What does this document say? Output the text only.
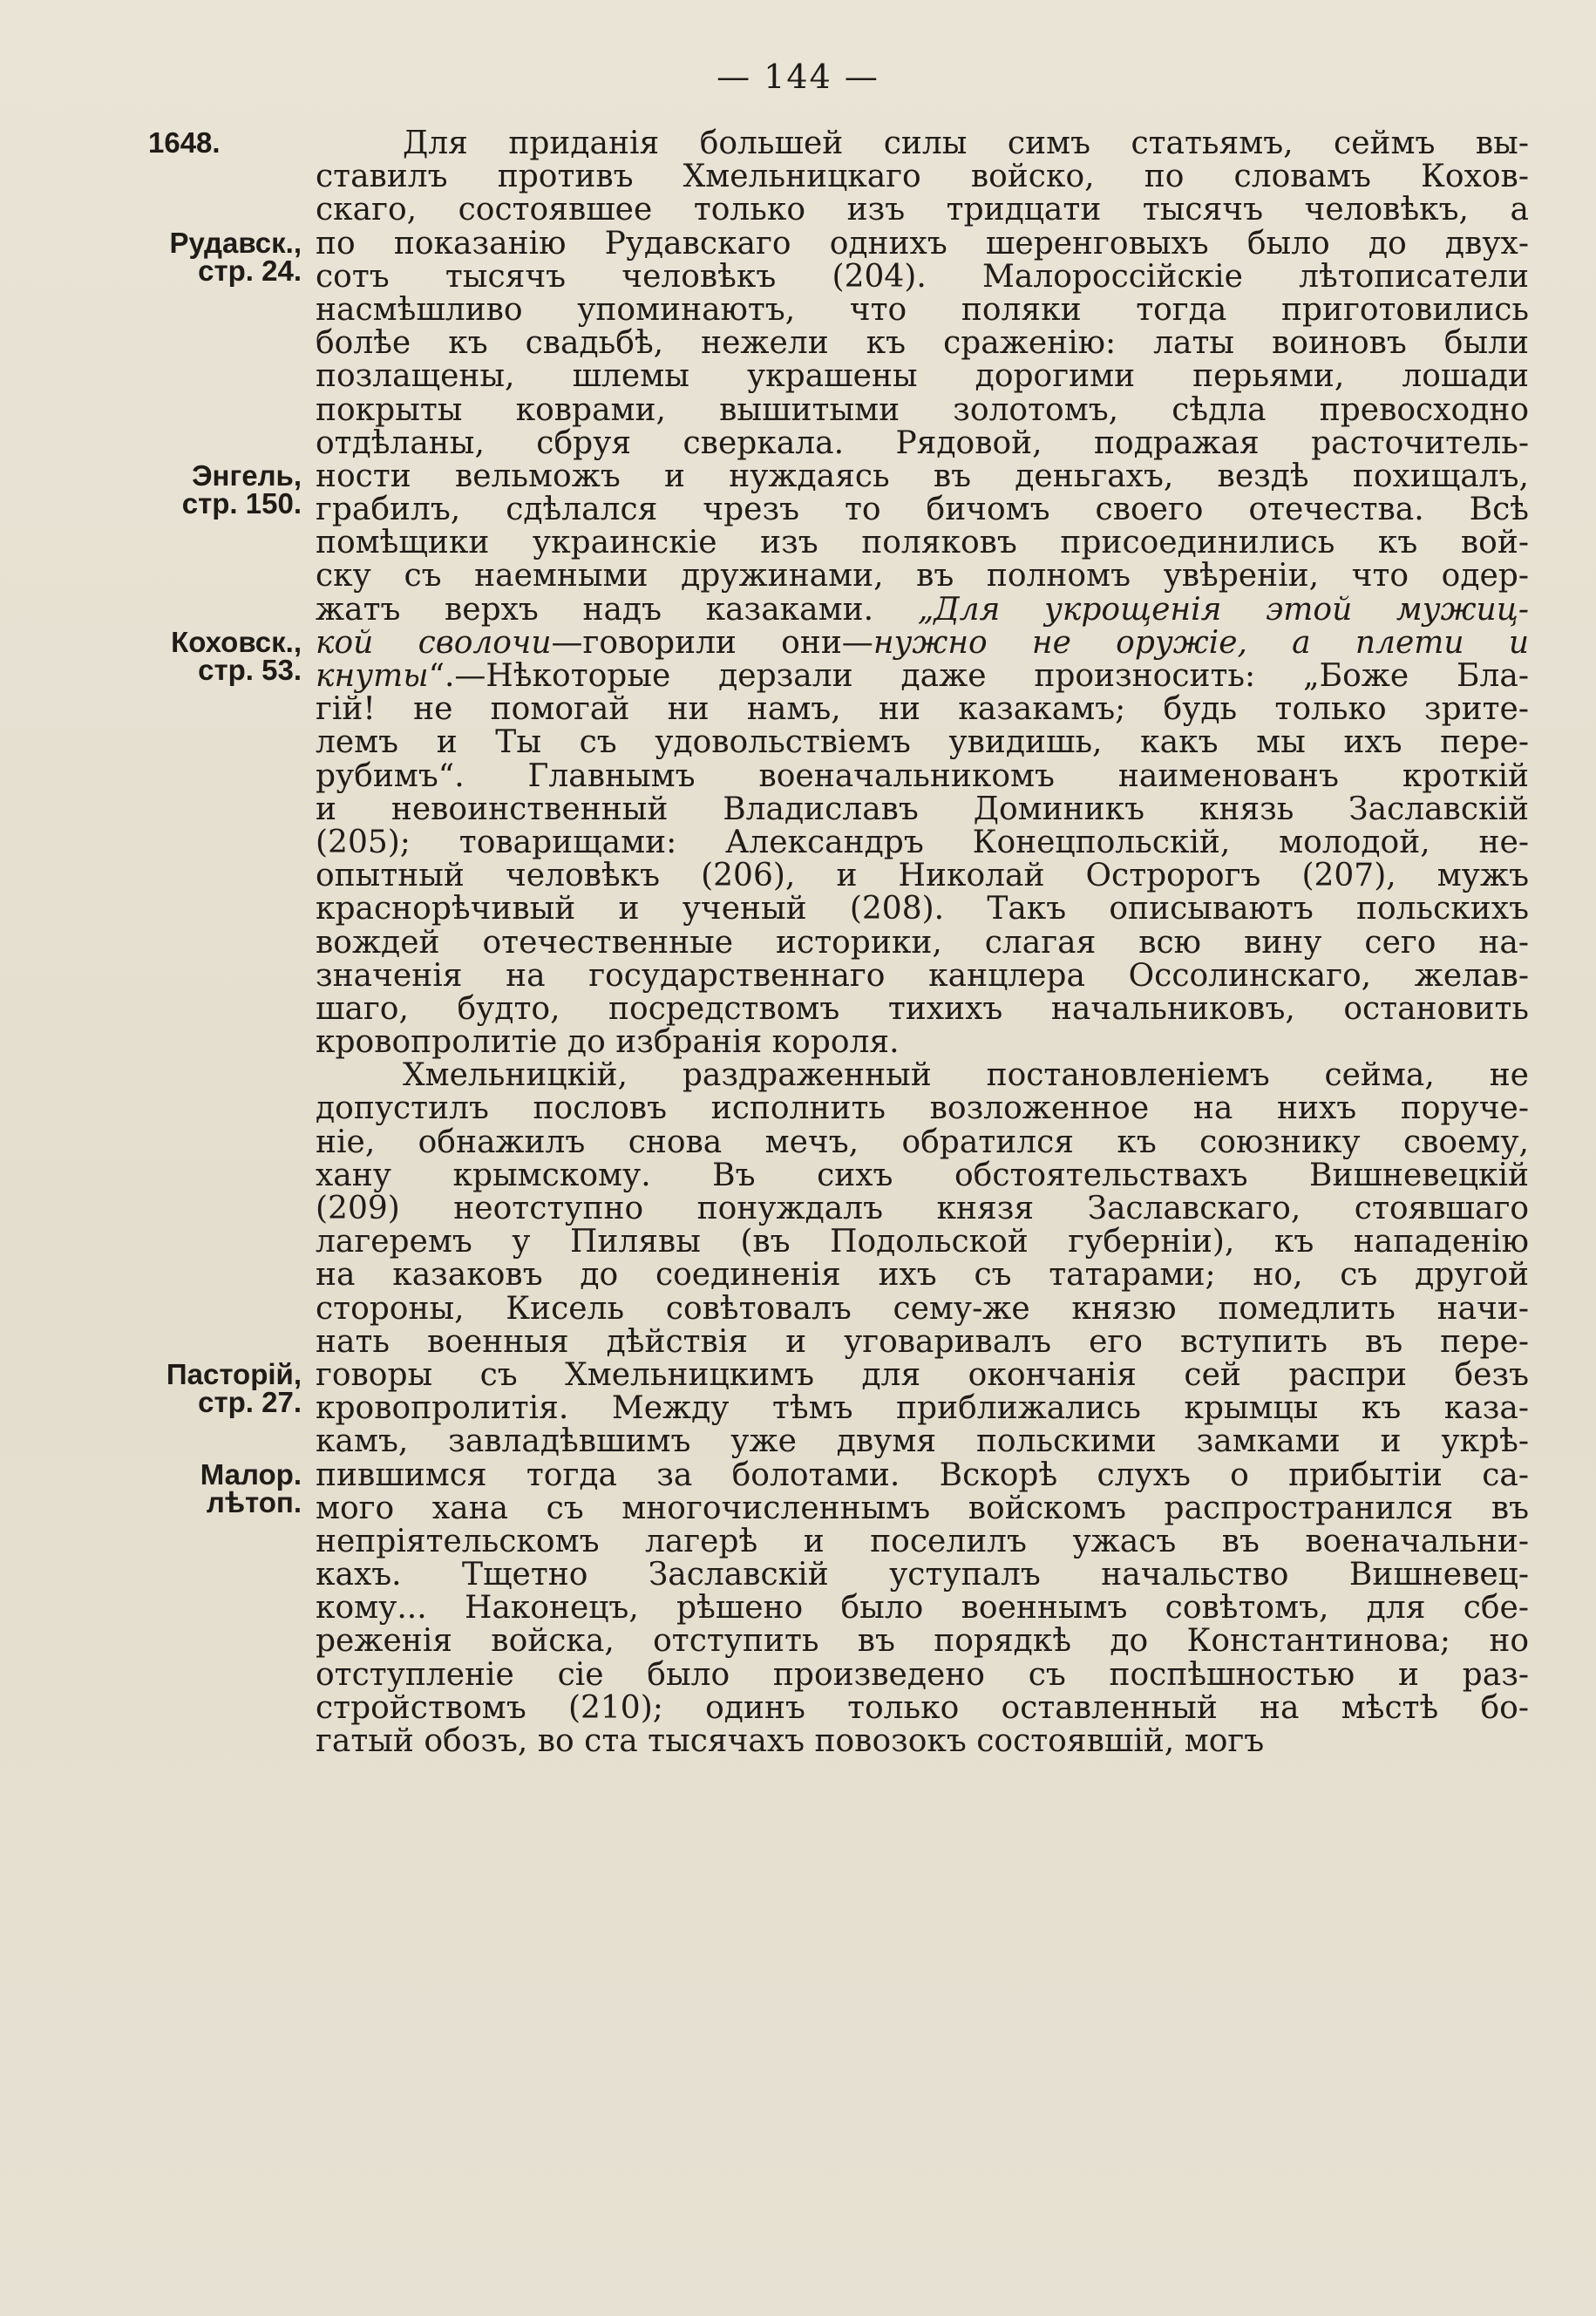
— 144 —
1648.
Рудавск.,
стр. 24.
Энгель,
стр. 150.
Коховск.,
стр. 53.
Пасторій,
стр. 27.
Малор.
лѣтоп.
Для приданія большей силы симъ статьямъ, сеймъ вы-
ставилъ противъ Хмельницкаго войско, по словамъ Кохов-
скаго, состоявшее только изъ тридцати тысячъ человѣкъ, а
по показанію Рудавскаго однихъ шеренговыхъ было до двух-
сотъ тысячъ человѣкъ (204). Малороссійскіе лѣтописатели
насмѣшливо упоминаютъ, что поляки тогда приготовились
болѣе къ свадьбѣ, нежели къ сраженію: латы воиновъ были
позлащены, шлемы украшены дорогими перьями, лошади
покрыты коврами, вышитыми золотомъ, сѣдла превосходно
отдѣланы, сбруя сверкала. Рядовой, подражая расточитель-
ности вельможъ и нуждаясь въ деньгахъ, вездѣ похищалъ,
грабилъ, сдѣлался чрезъ то бичомъ своего отечества. Всѣ
помѣщики украинскіе изъ поляковъ присоединились къ вой-
ску съ наемными дружинами, въ полномъ увѣреніи, что одер-
жатъ верхъ надъ казаками. „Для укрощенія этой мужиц-
кой сволочи—говорили они—нужно не оружіе, а плети и
кнуты“.—Нѣкоторые дерзали даже произносить: „Боже Бла-
гій! не помогай ни намъ, ни казакамъ; будь только зрите-
лемъ и Ты съ удовольствіемъ увидишь, какъ мы ихъ пере-
рубимъ“. Главнымъ военачальникомъ наименованъ кроткій
и невоинственный Владиславъ Доминикъ князь Заславскій
(205); товарищами: Александръ Конецпольскій, молодой, не-
опытный человѣкъ (206), и Николай Остророгъ (207), мужъ
краснорѣчивый и ученый (208). Такъ описываютъ польскихъ
вождей отечественные историки, слагая всю вину сего на-
значенія на государственнаго канцлера Оссолинскаго, желав-
шаго, будто, посредствомъ тихихъ начальниковъ, остановить
кровопролитіе до избранія короля.
Хмельницкій, раздраженный постановленіемъ сейма, не
допустилъ пословъ исполнить возложенное на нихъ поруче-
ніе, обнажилъ снова мечъ, обратился къ союзнику своему,
хану крымскому. Въ сихъ обстоятельствахъ Вишневецкій
(209) неотступно понуждалъ князя Заславскаго, стоявшаго
лагеремъ у Пилявы (въ Подольской губерніи), къ нападенію
на казаковъ до соединенія ихъ съ татарами; но, съ другой
стороны, Кисель совѣтовалъ сему-же князю помедлить начи-
нать военныя дѣйствія и уговаривалъ его вступить въ пере-
говоры съ Хмельницкимъ для окончанія сей распри безъ
кровопролитія. Между тѣмъ приближались крымцы къ каза-
камъ, завладѣвшимъ уже двумя польскими замками и укрѣ-
пившимся тогда за болотами. Вскорѣ слухъ о прибытіи са-
мого хана съ многочисленнымъ войскомъ распространился въ
непріятельскомъ лагерѣ и поселилъ ужасъ въ военачальни-
кахъ. Тщетно Заславскій уступалъ начальство Вишневец-
кому... Наконецъ, рѣшено было военнымъ совѣтомъ, для сбе-
реженія войска, отступить въ порядкѣ до Константинова; но
отступленіе сіе было произведено съ поспѣшностью и раз-
стройствомъ (210); одинъ только оставленный на мѣстѣ бо-
гатый обозъ, во ста тысячахъ повозокъ состоявшій, могъ
